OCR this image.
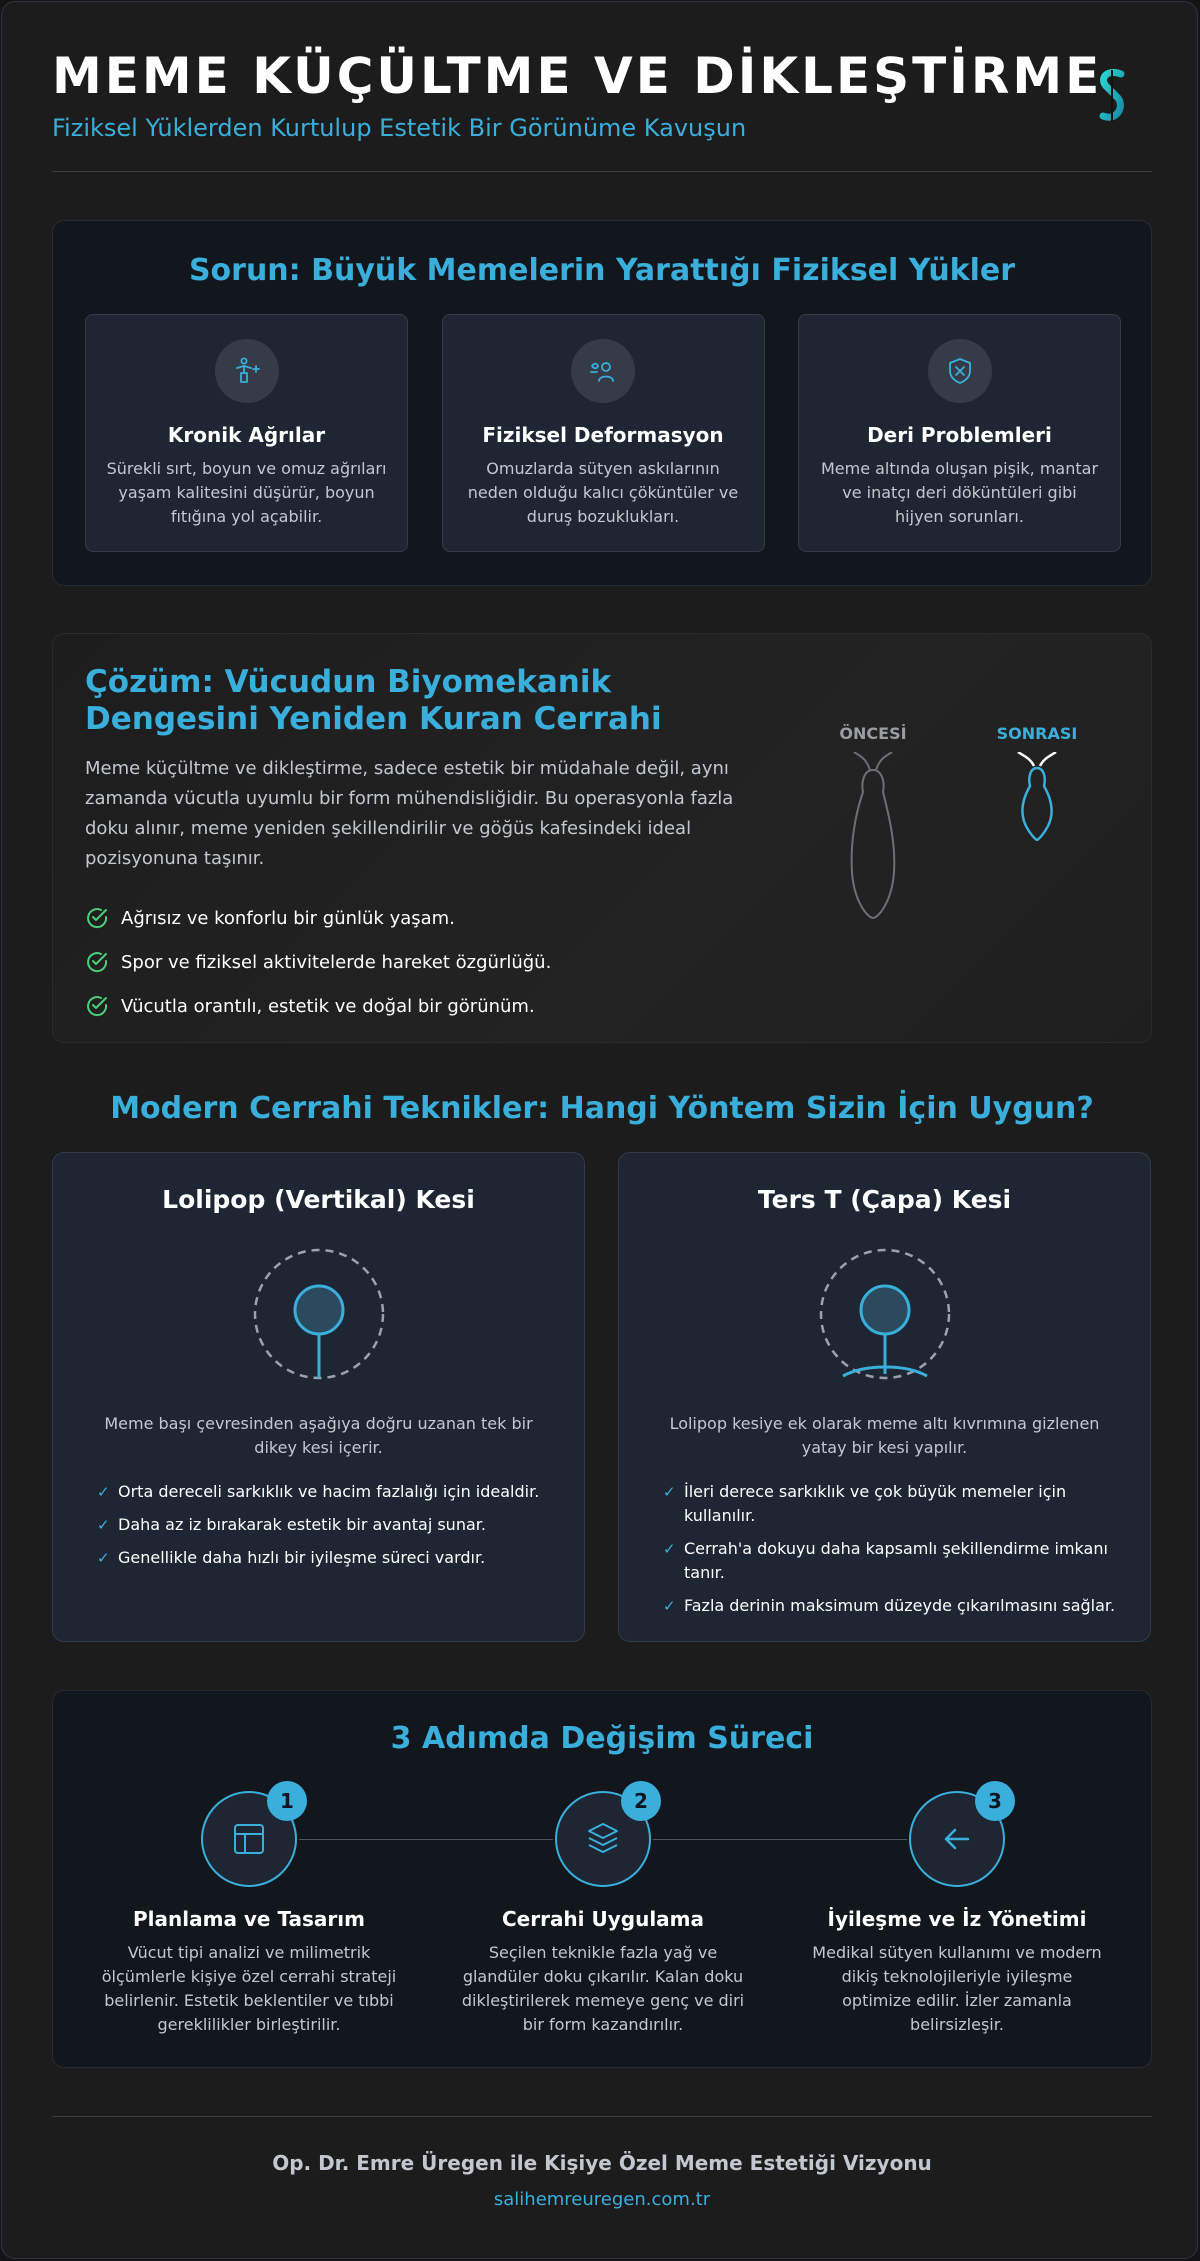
MEME KÜÇÜLTME VE DİKLEŞTİRME
Fiziksel Yüklerden Kurtulup Estetik Bir Görünüme Kavuşun
Sorun: Büyük Memelerin Yarattığı Fiziksel Yükler
Kronik Ağrılar

Sürekli sırt, boyun ve omuz ağrıları yaşam kalitesini düşürür, boyun fıtığına yol açabilir.

Fiziksel Deformasyon

Omuzlarda sütyen askılarının neden olduğu kalıcı çöküntüler ve duruş bozuklukları.

Deri Problemleri

Meme altında oluşan pişik, mantar ve inatçı deri döküntüleri gibi hijyen sorunları.

Çözüm: Vücudun Biyomekanik Dengesini Yeniden Kuran Cerrahi
Meme küçültme ve dikleştirme, sadece estetik bir müdahale değil, aynı zamanda vücutla uyumlu bir form mühendisliğidir. Bu operasyonla fazla doku alınır, meme yeniden şekillendirilir ve göğüs kafesindeki ideal pozisyonuna taşınır.
Ağrısız ve konforlu bir günlük yaşam.
Spor ve fiziksel aktivitelerde hareket özgürlüğü.
Vücutla orantılı, estetik ve doğal bir görünüm.
ÖNCESİ	SONRASI
Modern Cerrahi Teknikler: Hangi Yöntem Sizin İçin Uygun?
Lolipop (Vertikal) Kesi

Meme başı çevresinden aşağıya doğru uzanan tek bir dikey kesi içerir.

✓ Orta dereceli sarkıklık ve hacim fazlalığı için idealdir.
✓ Daha az iz bırakarak estetik bir avantaj sunar.
✓ Genellikle daha hızlı bir iyileşme süreci vardır.
Ters T (Çapa) Kesi

Lolipop kesiye ek olarak meme altı kıvrımına gizlenen yatay bir kesi yapılır.

✓ İleri derece sarkıklık ve çok büyük memeler için kullanılır.
✓ Cerrah'a dokuyu daha kapsamlı şekillendirme imkanı tanır.
✓ Fazla derinin maksimum düzeyde çıkarılmasını sağlar.
3 Adımda Değişim Süreci
1
Planlama ve Tasarım

Vücut tipi analizi ve milimetrik ölçümlerle kişiye özel cerrahi strateji belirlenir. Estetik beklentiler ve tıbbi gereklilikler birleştirilir.

2
Cerrahi Uygulama

Seçilen teknikle fazla yağ ve glandüler doku çıkarılır. Kalan doku dikleştirilerek memeye genç ve diri bir form kazandırılır.

3
İyileşme ve İz Yönetimi

Medikal sütyen kullanımı ve modern dikiş teknolojileriyle iyileşme optimize edilir. İzler zamanla belirsizleşir.

Op. Dr. Emre Üregen ile Kişiye Özel Meme Estetiği Vizyonu
salihemreuregen.com.tr
